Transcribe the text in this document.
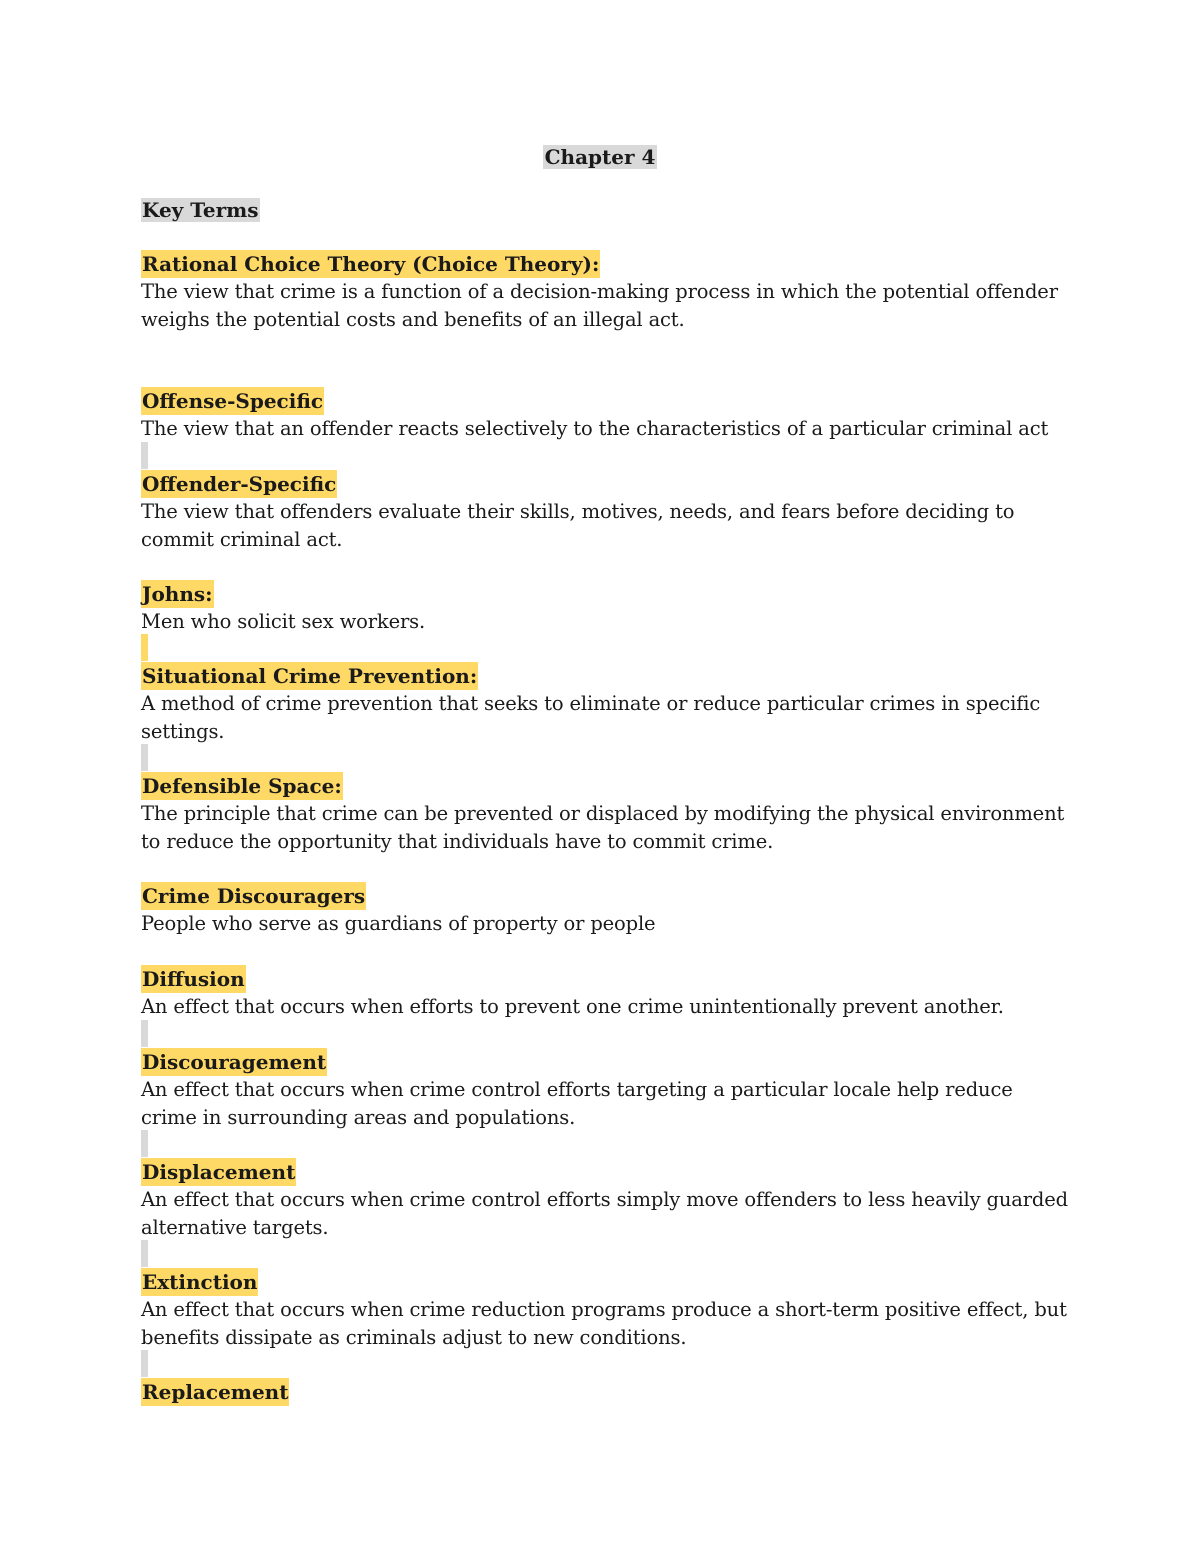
Chapter 4
Key Terms
Rational Choice Theory (Choice Theory):

The view that crime is a function of a decision-making process in which the potential offender weighs the potential costs and benefits of an illegal act.

Offense-Specific

The view that an offender reacts selectively to the characteristics of a particular criminal act

Offender-Specific

The view that offenders evaluate their skills, motives, needs, and fears before deciding to commit criminal act.

Johns:

Men who solicit sex workers.

Situational Crime Prevention:

A method of crime prevention that seeks to eliminate or reduce particular crimes in specific settings.

Defensible Space:

The principle that crime can be prevented or displaced by modifying the physical environment to reduce the opportunity that individuals have to commit crime.

Crime Discouragers

People who serve as guardians of property or people

Diffusion

An effect that occurs when efforts to prevent one crime unintentionally prevent another.

Discouragement

An effect that occurs when crime control efforts targeting a particular locale help reduce crime in surrounding areas and populations.

Displacement

An effect that occurs when crime control efforts simply move offenders to less heavily guarded alternative targets.

Extinction

An effect that occurs when crime reduction programs produce a short-term positive effect, but benefits dissipate as criminals adjust to new conditions.

Replacement
